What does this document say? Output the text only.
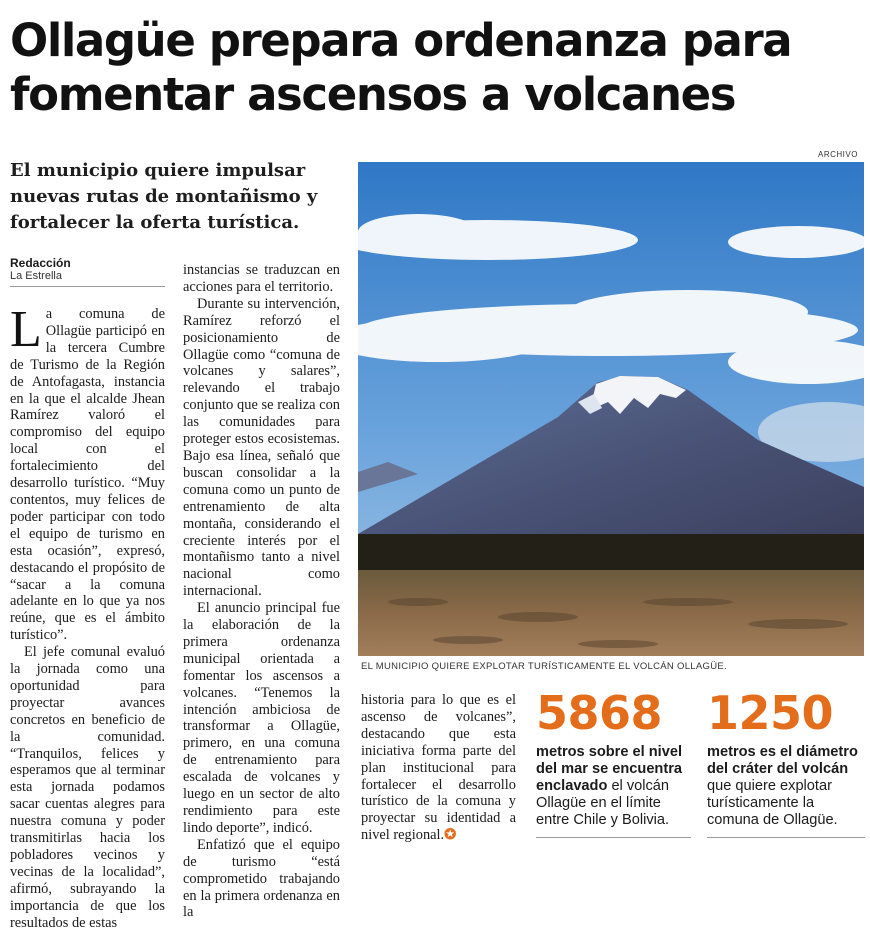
Ollagüe prepara ordenanza para fomentar ascensos a volcanes

El municipio quiere impulsar nuevas rutas de montañismo y fortalecer la oferta turística.

Redacción
La Estrella
L a comuna de Ollagüe participó en la tercera Cumbre de Turismo de la Región de Antofagasta, instancia en la que el alcalde Jhean Ramírez valoró el compromiso del equipo local con el fortalecimiento del desarrollo turístico. “Muy contentos, muy felices de poder participar con todo el equipo de turismo en esta ocasión”, expresó, destacando el propósito de “sacar a la comuna adelante en lo que ya nos reúne, que es el ámbito turístico”.

El jefe comunal evaluó la jornada como una oportunidad para proyectar avances concretos en beneficio de la comunidad. “Tranquilos, felices y esperamos que al terminar esta jornada podamos sacar cuentas alegres para nuestra comuna y poder transmitirlas hacia los pobladores vecinos y vecinas de la localidad”, afirmó, subrayando la importancia de que los resultados de estas

instancias se traduzcan en acciones para el territorio.

Durante su intervención, Ramírez reforzó el posicionamiento de Ollagüe como “comuna de volcanes y salares”, relevando el trabajo conjunto que se realiza con las comunidades para proteger estos ecosistemas. Bajo esa línea, señaló que buscan consolidar a la comuna como un punto de entrenamiento de alta montaña, considerando el creciente interés por el montañismo tanto a nivel nacional como internacional.

El anuncio principal fue la elaboración de la primera ordenanza municipal orientada a fomentar los ascensos a volcanes. “Tenemos la intención ambiciosa de transformar a Ollagüe, primero, en una comuna de entrenamiento para escalada de volcanes y luego en un sector de alto rendimiento para este lindo deporte”, indicó.

Enfatizó que el equipo de turismo “está comprometido trabajando en la primera ordenanza en la

historia para lo que es el ascenso de volcanes”, destacando que esta iniciativa forma parte del plan institucional para fortalecer el desarrollo turístico de la comuna y proyectar su identidad a nivel regional.✪

ARCHIVO
EL MUNICIPIO QUIERE EXPLOTAR TURÍSTICAMENTE EL VOLCÁN OLLAGÜE.
5868
metros sobre el nivel del mar se encuentra enclavado el volcán Ollagüe en el límite entre Chile y Bolivia.
1250
metros es el diámetro del cráter del volcán que quiere explotar turísticamente la comuna de Ollagüe.
